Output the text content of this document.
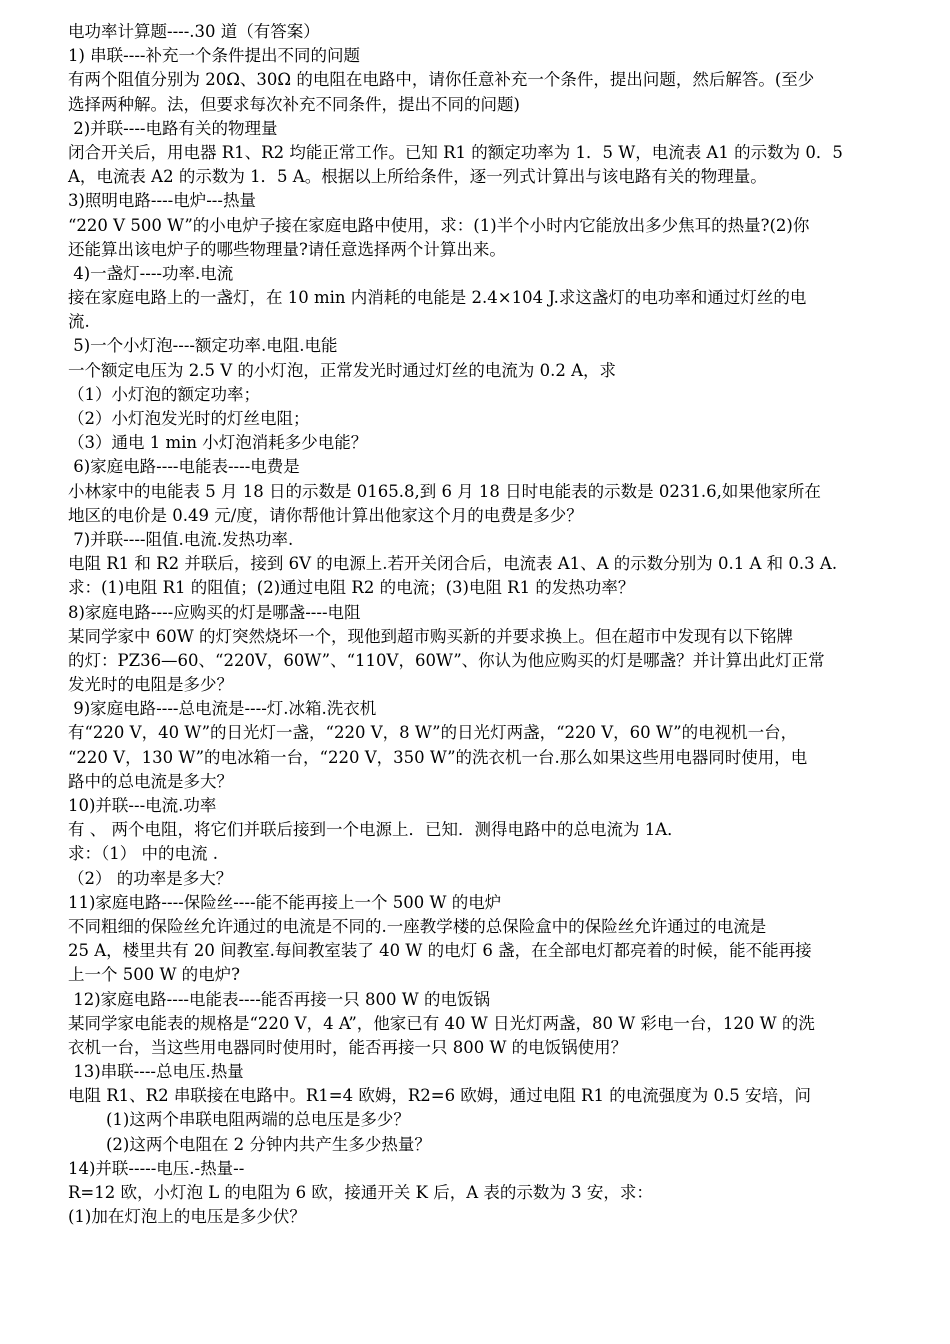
电功率计算题----.30 道（有答案）
1) 串联----补充一个条件提出不同的问题
有两个阻值分别为 20Ω、30Ω 的电阻在电路中，请你任意补充一个条件，提出问题，然后解答。(至少
选择两种解。法，但要求每次补充不同条件，提出不同的问题)
2)并联----电路有关的物理量
闭合开关后，用电器 R1、R2 均能正常工作。已知 R1 的额定功率为 1．5 W，电流表 A1 的示数为 0．5
A，电流表 A2 的示数为 1．5 A。根据以上所给条件，逐一列式计算出与该电路有关的物理量。
3)照明电路----电炉---热量
“220 V 500 W”的小电炉子接在家庭电路中使用，求：(1)半个小时内它能放出多少焦耳的热量?(2)你
还能算出该电炉子的哪些物理量?请任意选择两个计算出来。
4)一盏灯----功率.电流
接在家庭电路上的一盏灯，在 10 min 内消耗的电能是 2.4×104 J.求这盏灯的电功率和通过灯丝的电
流.
5)一个小灯泡----额定功率.电阻.电能
一个额定电压为 2.5 V 的小灯泡，正常发光时通过灯丝的电流为 0.2 A，求
（1）小灯泡的额定功率；
（2）小灯泡发光时的灯丝电阻；
（3）通电 1 min 小灯泡消耗多少电能？
6)家庭电路----电能表----电费是
小林家中的电能表 5 月 18 日的示数是 0165.8,到 6 月 18 日时电能表的示数是 0231.6,如果他家所在
地区的电价是 0.49 元/度，请你帮他计算出他家这个月的电费是多少？
7)并联----阻值.电流.发热功率.
电阻 R1 和 R2 并联后，接到 6V 的电源上.若开关闭合后，电流表 A1、A 的示数分别为 0.1 A 和 0.3 A.
求：(1)电阻 R1 的阻值；(2)通过电阻 R2 的电流；(3)电阻 R1 的发热功率？
8)家庭电路----应购买的灯是哪盏----电阻
某同学家中 60W 的灯突然烧坏一个，现他到超市购买新的并要求换上。但在超市中发现有以下铭牌
的灯：PZ36—60、“220V，60W”、“110V，60W”、你认为他应购买的灯是哪盏？并计算出此灯正常
发光时的电阻是多少？
9)家庭电路----总电流是----灯.冰箱.洗衣机
有“220 V，40 W”的日光灯一盏，“220 V，8 W”的日光灯两盏，“220 V，60 W”的电视机一台，
“220 V，130 W”的电冰箱一台，“220 V，350 W”的洗衣机一台.那么如果这些用电器同时使用，电
路中的总电流是多大？
10)并联---电流.功率
有 、 两个电阻，将它们并联后接到一个电源上．已知．测得电路中的总电流为 1A．
求：（1） 中的电流 .
（2） 的功率是多大？
11)家庭电路----保险丝----能不能再接上一个 500 W 的电炉
不同粗细的保险丝允许通过的电流是不同的.一座教学楼的总保险盒中的保险丝允许通过的电流是
25 A，楼里共有 20 间教室.每间教室装了 40 W 的电灯 6 盏，在全部电灯都亮着的时候，能不能再接
上一个 500 W 的电炉?
12)家庭电路----电能表----能否再接一只 800 W 的电饭锅
某同学家电能表的规格是“220 V，4 A”，他家已有 40 W 日光灯两盏，80 W 彩电一台，120 W 的洗
衣机一台，当这些用电器同时使用时，能否再接一只 800 W 的电饭锅使用？
13)串联----总电压.热量
电阻 R1、R2 串联接在电路中。R1=4 欧姆，R2=6 欧姆，通过电阻 R1 的电流强度为 0.5 安培，问
(1)这两个串联电阻两端的总电压是多少？
(2)这两个电阻在 2 分钟内共产生多少热量？
14)并联-----电压.-热量--
R=12 欧，小灯泡 L 的电阻为 6 欧，接通开关 K 后，A 表的示数为 3 安，求：
(1)加在灯泡上的电压是多少伏？
